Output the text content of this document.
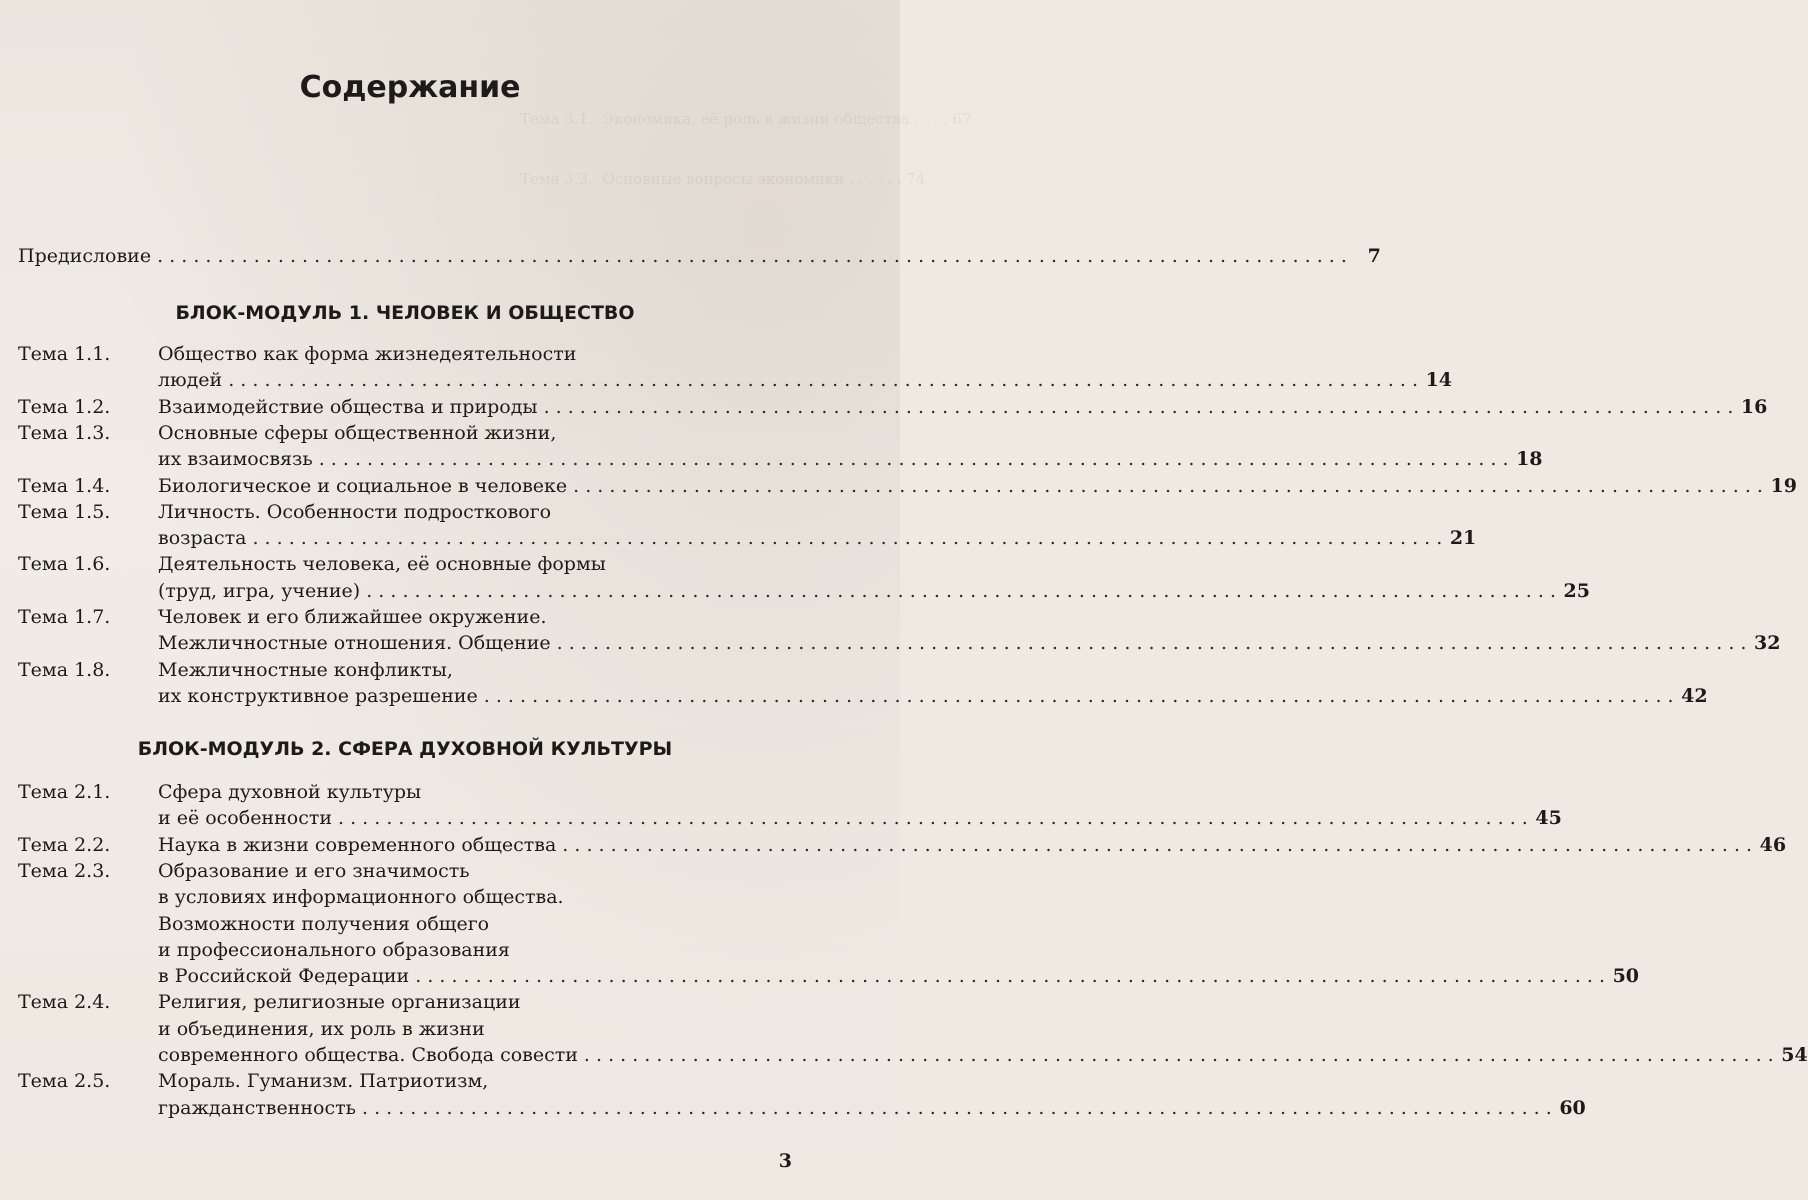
Тема 3.1.  Экономика, её роль в жизни общества . . . . 67
Тема 3.3.  Основные вопросы экономики . . . . . . 74
Содержание
Предисловие . . .	7
БЛОК-МОДУЛЬ 1. ЧЕЛОВЕК И ОБЩЕСТВО
Тема 1.1.	Общество как форма жизнедеятельности
людей . . .	14
Тема 1.2.	Взаимодействие общества и природы . . .	16
Тема 1.3.	Основные сферы общественной жизни,
их взаимосвязь . . .	18
Тема 1.4.	Биологическое и социальное в человеке . . .	19
Тема 1.5.	Личность. Особенности подросткового
возраста . . .	21
Тема 1.6.	Деятельность человека, её основные формы
(труд, игра, учение) . . .	25
Тема 1.7.	Человек и его ближайшее окружение.
Межличностные отношения. Общение . . .	32
Тема 1.8.	Межличностные конфликты,
их конструктивное разрешение . . .	42
БЛОК-МОДУЛЬ 2. СФЕРА ДУХОВНОЙ КУЛЬТУРЫ
Тема 2.1.	Сфера духовной культуры
и её особенности . . .	45
Тема 2.2.	Наука в жизни современного общества . . .	46
Тема 2.3.	Образование и его значимость
в условиях информационного общества.
Возможности получения общего
и профессионального образования
в Российской Федерации . . .	50
Тема 2.4.	Религия, религиозные организации
и объединения, их роль в жизни
современного общества. Свобода совести . . .	54
Тема 2.5.	Мораль. Гуманизм. Патриотизм,
гражданственность . . .	60
3
